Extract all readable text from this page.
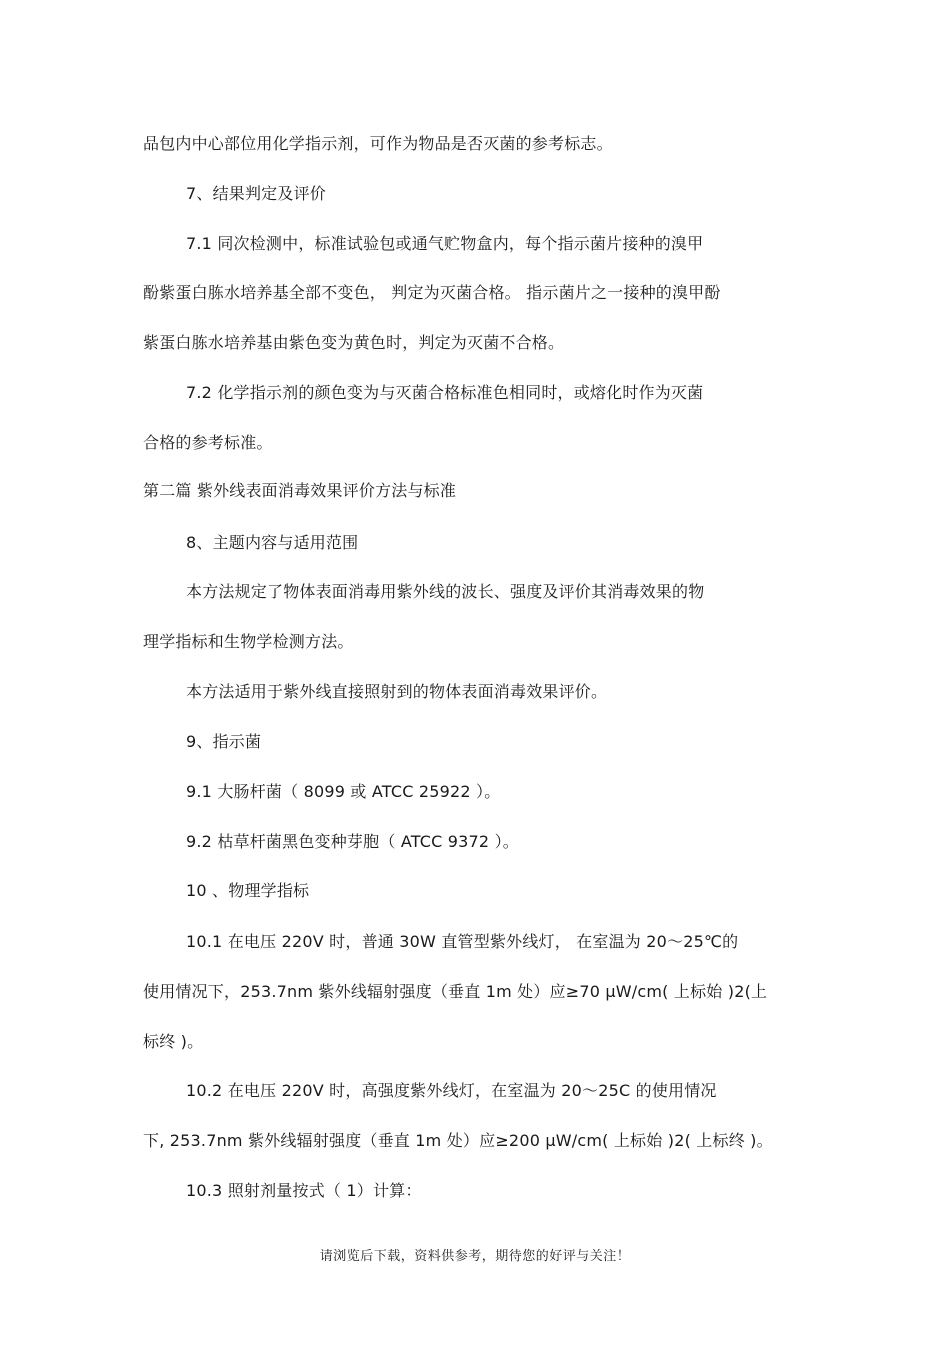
品包内中心部位用化学指示剂，可作为物品是否灭菌的参考标志。
7、结果判定及评价
7.1 同次检测中，标准试验包或通气贮物盒内，每个指示菌片接种的溴甲
酚紫蛋白胨水培养基全部不变色， 判定为灭菌合格。 指示菌片之一接种的溴甲酚
紫蛋白胨水培养基由紫色变为黄色时，判定为灭菌不合格。
7.2 化学指示剂的颜色变为与灭菌合格标准色相同时，或熔化时作为灭菌
合格的参考标准。
第二篇 紫外线表面消毒效果评价方法与标准
8、主题内容与适用范围
本方法规定了物体表面消毒用紫外线的波长、强度及评价其消毒效果的物
理学指标和生物学检测方法。
本方法适用于紫外线直接照射到的物体表面消毒效果评价。
9、指示菌
9.1 大肠杆菌（ 8099 或 ATCC 25922 ）。
9.2 枯草杆菌黑色变种芽胞（ ATCC 9372 ）。
10 、物理学指标
10.1 在电压 220V 时，普通 30W 直管型紫外线灯， 在室温为 20～25℃的
使用情况下，253.7nm 紫外线辐射强度（垂直 1m 处）应≥70 μW/cm( 上标始 )2(上
标终 )。
10.2 在电压 220V 时，高强度紫外线灯，在室温为 20～25C 的使用情况
下, 253.7nm 紫外线辐射强度（垂直 1m 处）应≥200 μW/cm( 上标始 )2( 上标终 )。
10.3 照射剂量按式（ 1）计算：
请浏览后下载，资料供参考，期待您的好评与关注！
